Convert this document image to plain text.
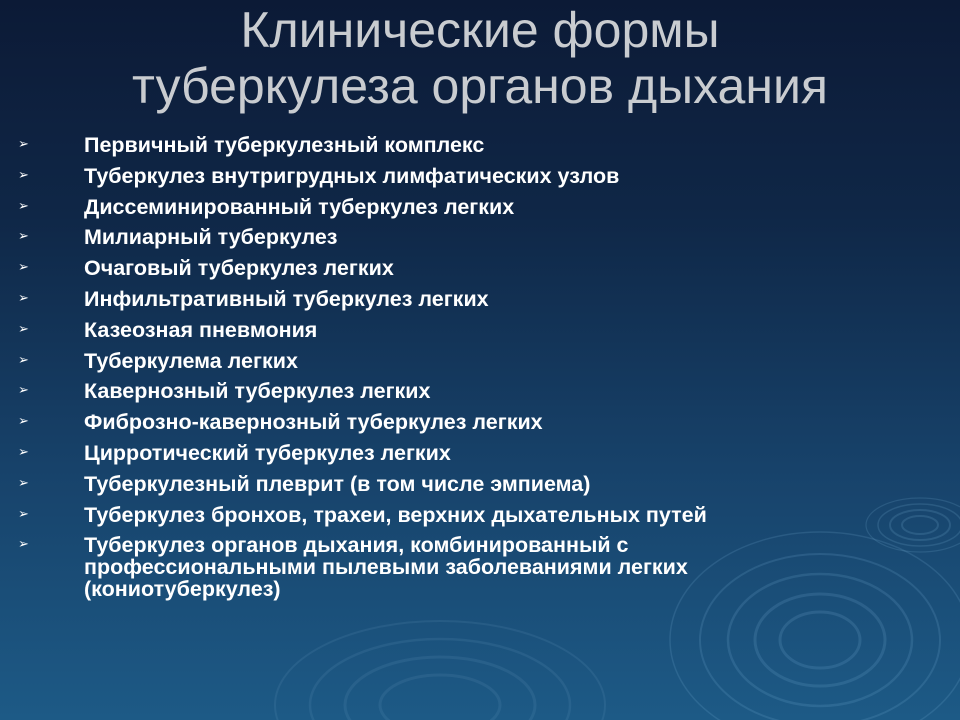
Клинические формы
туберкулеза органов дыхания
➢	Первичный туберкулезный комплекс
➢	Туберкулез внутригрудных лимфатических узлов
➢	Диссеминированный туберкулез легких
➢	Милиарный туберкулез
➢	Очаговый туберкулез легких
➢	Инфильтративный туберкулез легких
➢	Казеозная пневмония
➢	Туберкулема легких
➢	Кавернозный туберкулез легких
➢	Фиброзно-кавернозный туберкулез легких
➢	Цирротический туберкулез легких
➢	Туберкулезный плеврит (в том числе эмпиема)
➢	Туберкулез бронхов, трахеи, верхних дыхательных путей
➢	Туберкулез органов дыхания, комбинированный с
профессиональными пылевыми заболеваниями легких
(кониотуберкулез)
